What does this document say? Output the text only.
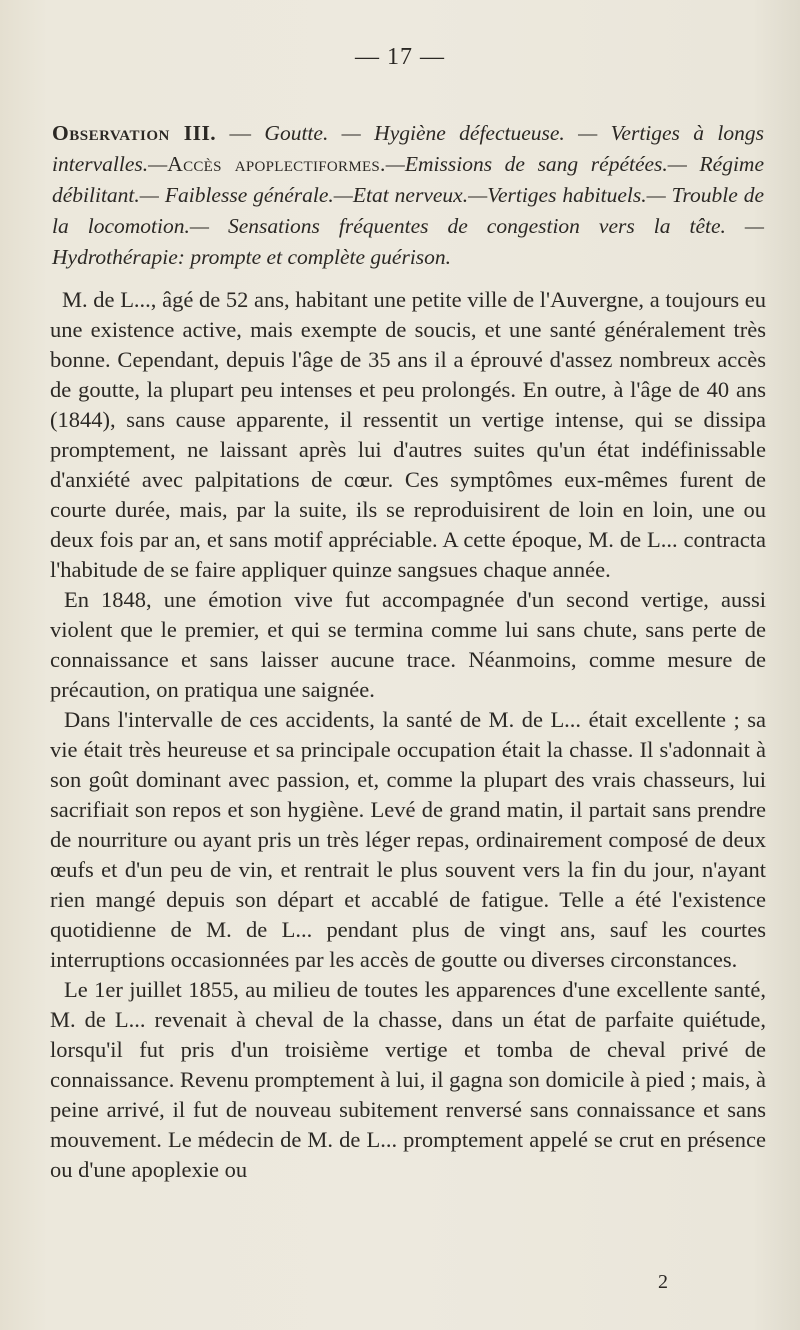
— 17 —
Observation III. — Goutte. — Hygiène défectueuse. — Vertiges à longs intervalles.—Accès apoplectiformes.—Emissions de sang répétées.— Régime débilitant.— Faiblesse générale.—Etat nerveux.—Vertiges habituels.— Trouble de la locomotion.— Sensations fréquentes de congestion vers la tête. —Hydrothérapie: prompte et complète guérison.

M. de L..., âgé de 52 ans, habitant une petite ville de l'Auvergne, a toujours eu une existence active, mais exempte de soucis, et une santé généralement très bonne. Cependant, depuis l'âge de 35 ans il a éprouvé d'assez nombreux accès de goutte, la plupart peu intenses et peu prolongés. En outre, à l'âge de 40 ans (1844), sans cause apparente, il ressentit un vertige intense, qui se dissipa promptement, ne laissant après lui d'autres suites qu'un état indéfinissable d'anxiété avec palpitations de cœur. Ces symptômes eux-mêmes furent de courte durée, mais, par la suite, ils se reproduisirent de loin en loin, une ou deux fois par an, et sans motif appréciable. A cette époque, M. de L... contracta l'habitude de se faire appliquer quinze sangsues chaque année.

En 1848, une émotion vive fut accompagnée d'un second vertige, aussi violent que le premier, et qui se termina comme lui sans chute, sans perte de connaissance et sans laisser aucune trace. Néanmoins, comme mesure de précaution, on pratiqua une saignée.

Dans l'intervalle de ces accidents, la santé de M. de L... était excellente ; sa vie était très heureuse et sa principale occupation était la chasse. Il s'adonnait à son goût dominant avec passion, et, comme la plupart des vrais chasseurs, lui sacrifiait son repos et son hygiène. Levé de grand matin, il partait sans prendre de nourriture ou ayant pris un très léger repas, ordinairement composé de deux œufs et d'un peu de vin, et rentrait le plus souvent vers la fin du jour, n'ayant rien mangé depuis son départ et accablé de fatigue. Telle a été l'existence quotidienne de M. de L... pendant plus de vingt ans, sauf les courtes interruptions occasionnées par les accès de goutte ou diverses circonstances.

Le 1er juillet 1855, au milieu de toutes les apparences d'une excellente santé, M. de L... revenait à cheval de la chasse, dans un état de parfaite quiétude, lorsqu'il fut pris d'un troisième vertige et tomba de cheval privé de connaissance. Revenu promptement à lui, il gagna son domicile à pied ; mais, à peine arrivé, il fut de nouveau subitement renversé sans connaissance et sans mouvement. Le médecin de M. de L... promptement appelé se crut en présence ou d'une apoplexie ou

2
